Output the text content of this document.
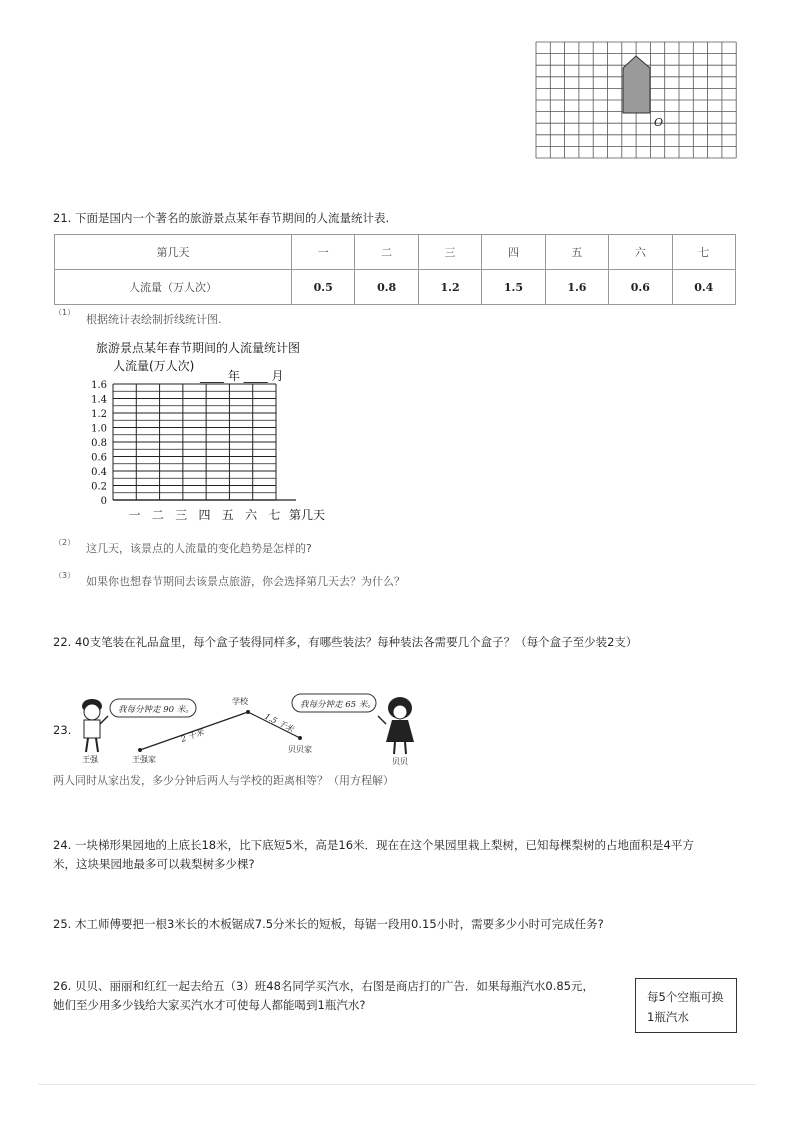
O
21. 下面是国内一个著名的旅游景点某年春节期间的人流量统计表.
第几天	一	二	三	四	五	六	七
人流量（万人次）	0.5	0.8	1.2	1.5	1.6	0.6	0.4
（1）
根据统计表绘制折线统计图.
旅游景点某年春节期间的人流量统计图
人流量(万人次)
____ 年 ____ 月
0
0.2
0.4
0.6
0.8
1.0
1.2
1.4
1.6
一 二 三 四 五 六 七 第几天
（2） 这几天，该景点的人流量的变化趋势是怎样的?
（3） 如果你也想春节期间去该景点旅游，你会选择第几天去？为什么？
22. 40支笔装在礼品盒里，每个盒子装得同样多，有哪些装法？每种装法各需要几个盒子？（每个盒子至少装2支）
23.
我每分钟走 90 米。
王强
学校
2 千米
1.5 千米
王强家
贝贝家
我每分钟走 65 米。
贝贝
两人同时从家出发，多少分钟后两人与学校的距离相等？（用方程解）
24. 一块梯形果园地的上底长18米，比下底短5米，高是16米．现在在这个果园里栽上梨树，已知每棵梨树的占地面积是4平方
米，这块果园地最多可以栽梨树多少棵?
25. 木工师傅要把一根3米长的木板锯成7.5分米长的短板，每锯一段用0.15小时，需要多少小时可完成任务?
26. 贝贝、丽丽和红红一起去给五（3）班48名同学买汽水，右图是商店打的广告．如果每瓶汽水0.85元，
她们至少用多少钱给大家买汽水才可使每人都能喝到1瓶汽水?
每5个空瓶可换
1瓶汽水
